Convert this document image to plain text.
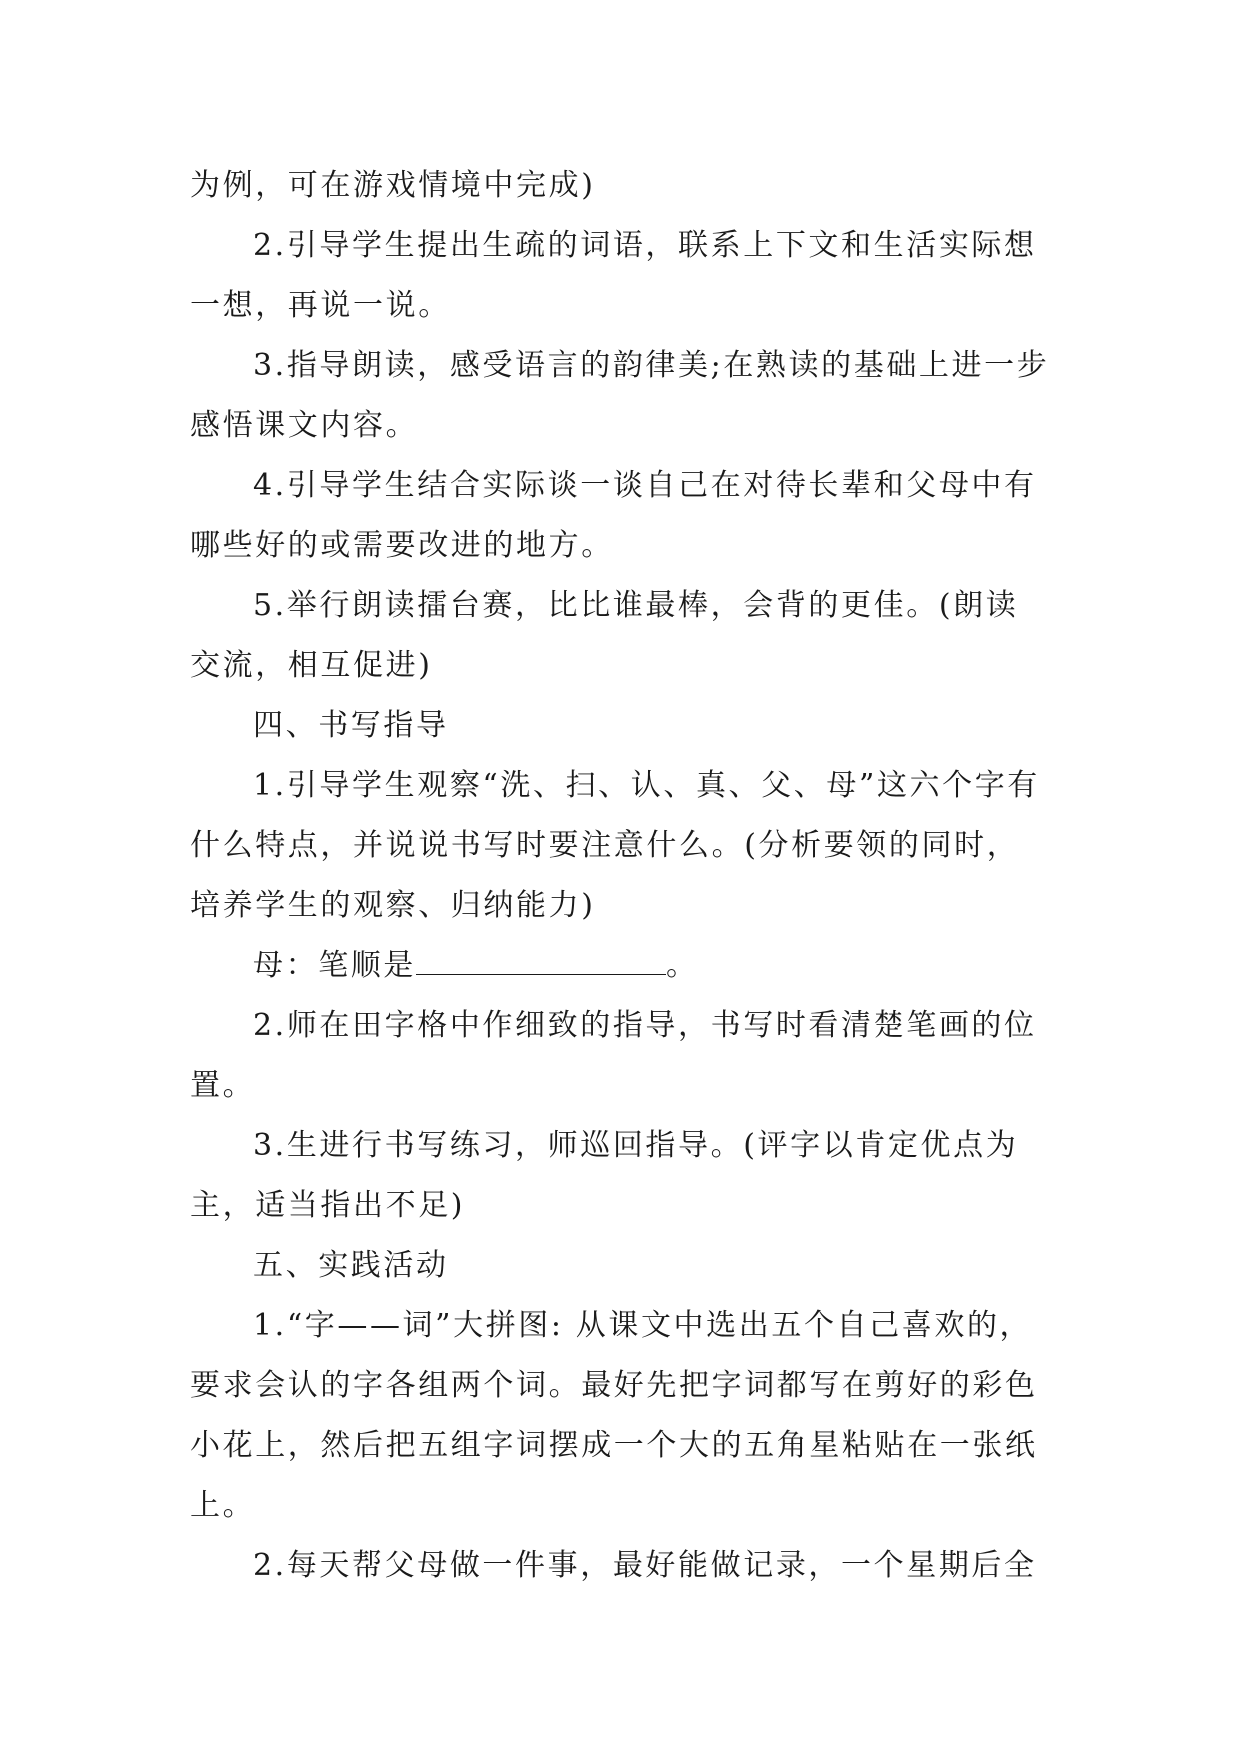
为例，可在游戏情境中完成)

2.引导学生提出生疏的词语，联系上下文和生活实际想一想，再说一说。

3.指导朗读，感受语言的韵律美;在熟读的基础上进一步感悟课文内容。

4.引导学生结合实际谈一谈自己在对待长辈和父母中有哪些好的或需要改进的地方。

5.举行朗读擂台赛，比比谁最棒，会背的更佳。(朗读交流，相互促进)

四、书写指导

1.引导学生观察“洗、扫、认、真、父、母”这六个字有什么特点，并说说书写时要注意什么。(分析要领的同时，培养学生的观察、归纳能力)

母：笔顺是	。

2.师在田字格中作细致的指导，书写时看清楚笔画的位置。

3.生进行书写练习，师巡回指导。(评字以肯定优点为主，适当指出不足)

五、实践活动

1.“字——词”大拼图: 从课文中选出五个自己喜欢的，要求会认的字各组两个词。最好先把字词都写在剪好的彩色小花上，然后把五组字词摆成一个大的五角星粘贴在一张纸上。

2.每天帮父母做一件事，最好能做记录，一个星期后全
